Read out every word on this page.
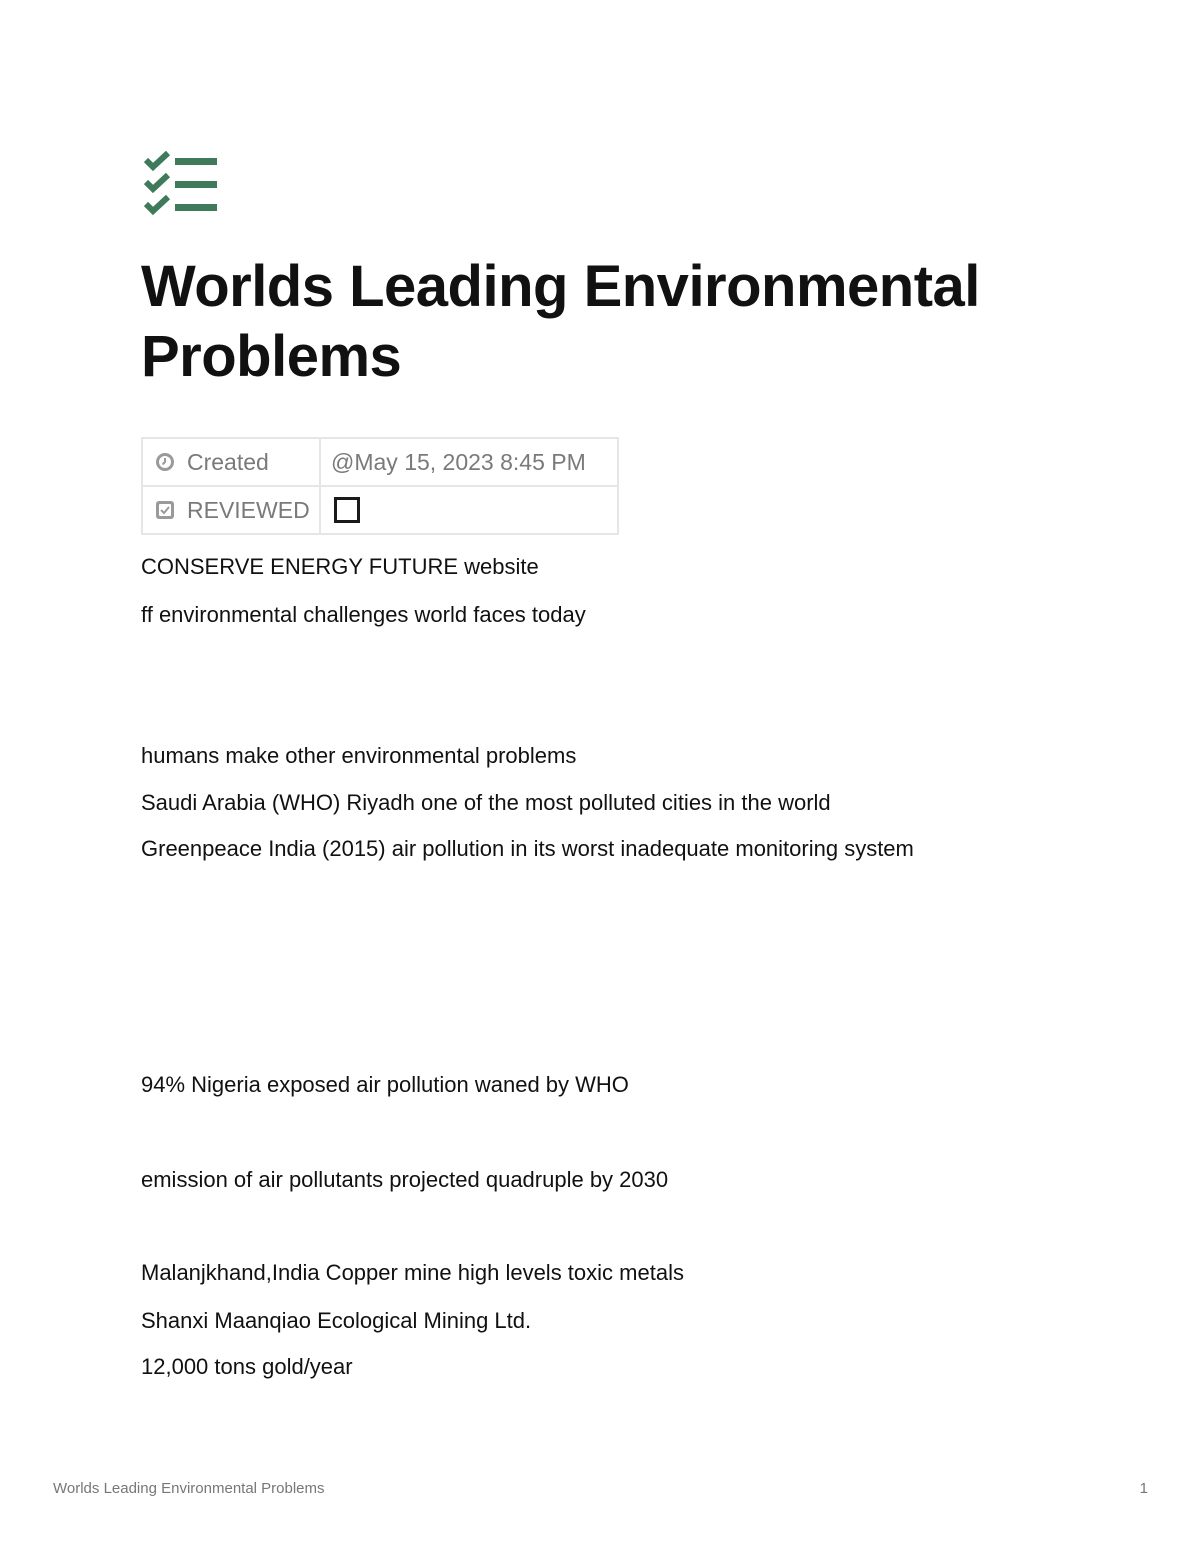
Worlds Leading Environmental Problems
Created	@May 15, 2023 8:45 PM

REVIEWED	

CONSERVE ENERGY FUTURE website

ff environmental challenges world faces today

humans make other environmental problems

Saudi Arabia (WHO) Riyadh one of the most polluted cities in the world

Greenpeace India (2015) air pollution in its worst inadequate monitoring system

94% Nigeria exposed air pollution waned by WHO

emission of air pollutants projected quadruple by 2030

Malanjkhand,India Copper mine high levels toxic metals

Shanxi Maanqiao Ecological Mining Ltd.

12,000 tons gold/year

Worlds Leading Environmental Problems	1
